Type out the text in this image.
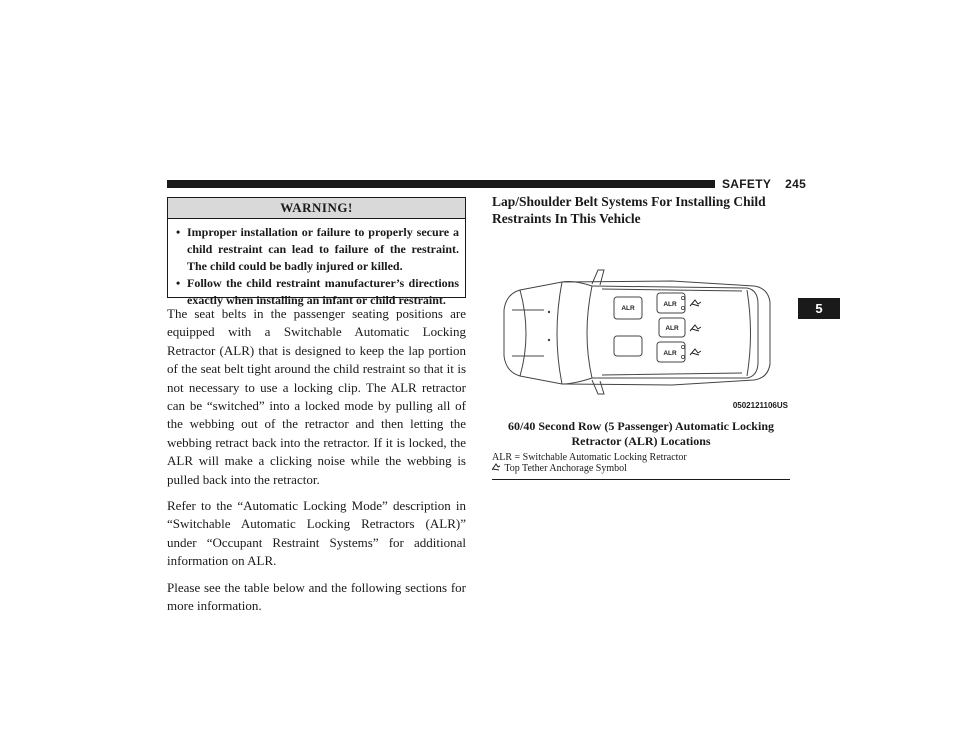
SAFETY 245
5
WARNING!
• Improper installation or failure to properly secure a child restraint can lead to failure of the restraint. The child could be badly injured or killed.
• Follow the child restraint manufacturer’s directions exactly when installing an infant or child restraint.

The seat belts in the passenger seating positions are equipped with a Switchable Automatic Locking Retractor (ALR) that is designed to keep the lap portion of the seat belt tight around the child restraint so that it is not necessary to use a locking clip. The ALR retractor can be “switched” into a locked mode by pulling all of the webbing out of the retractor and then letting the webbing retract back into the retractor. If it is locked, the ALR will make a clicking noise while the webbing is pulled back into the retractor.

Refer to the “Automatic Locking Mode” description in “Switchable Automatic Locking Retractors (ALR)” under “Occupant Restraint Systems” for additional information on ALR.

Please see the table below and the following sections for more information.

Lap/Shoulder Belt Systems For Installing Child Restraints In This Vehicle
ALR
ALR
ALR
ALR
0502121106US
60/40 Second Row (5 Passenger) Automatic Locking Retractor (ALR) Locations
ALR = Switchable Automatic Locking Retractor
Top Tether Anchorage Symbol
